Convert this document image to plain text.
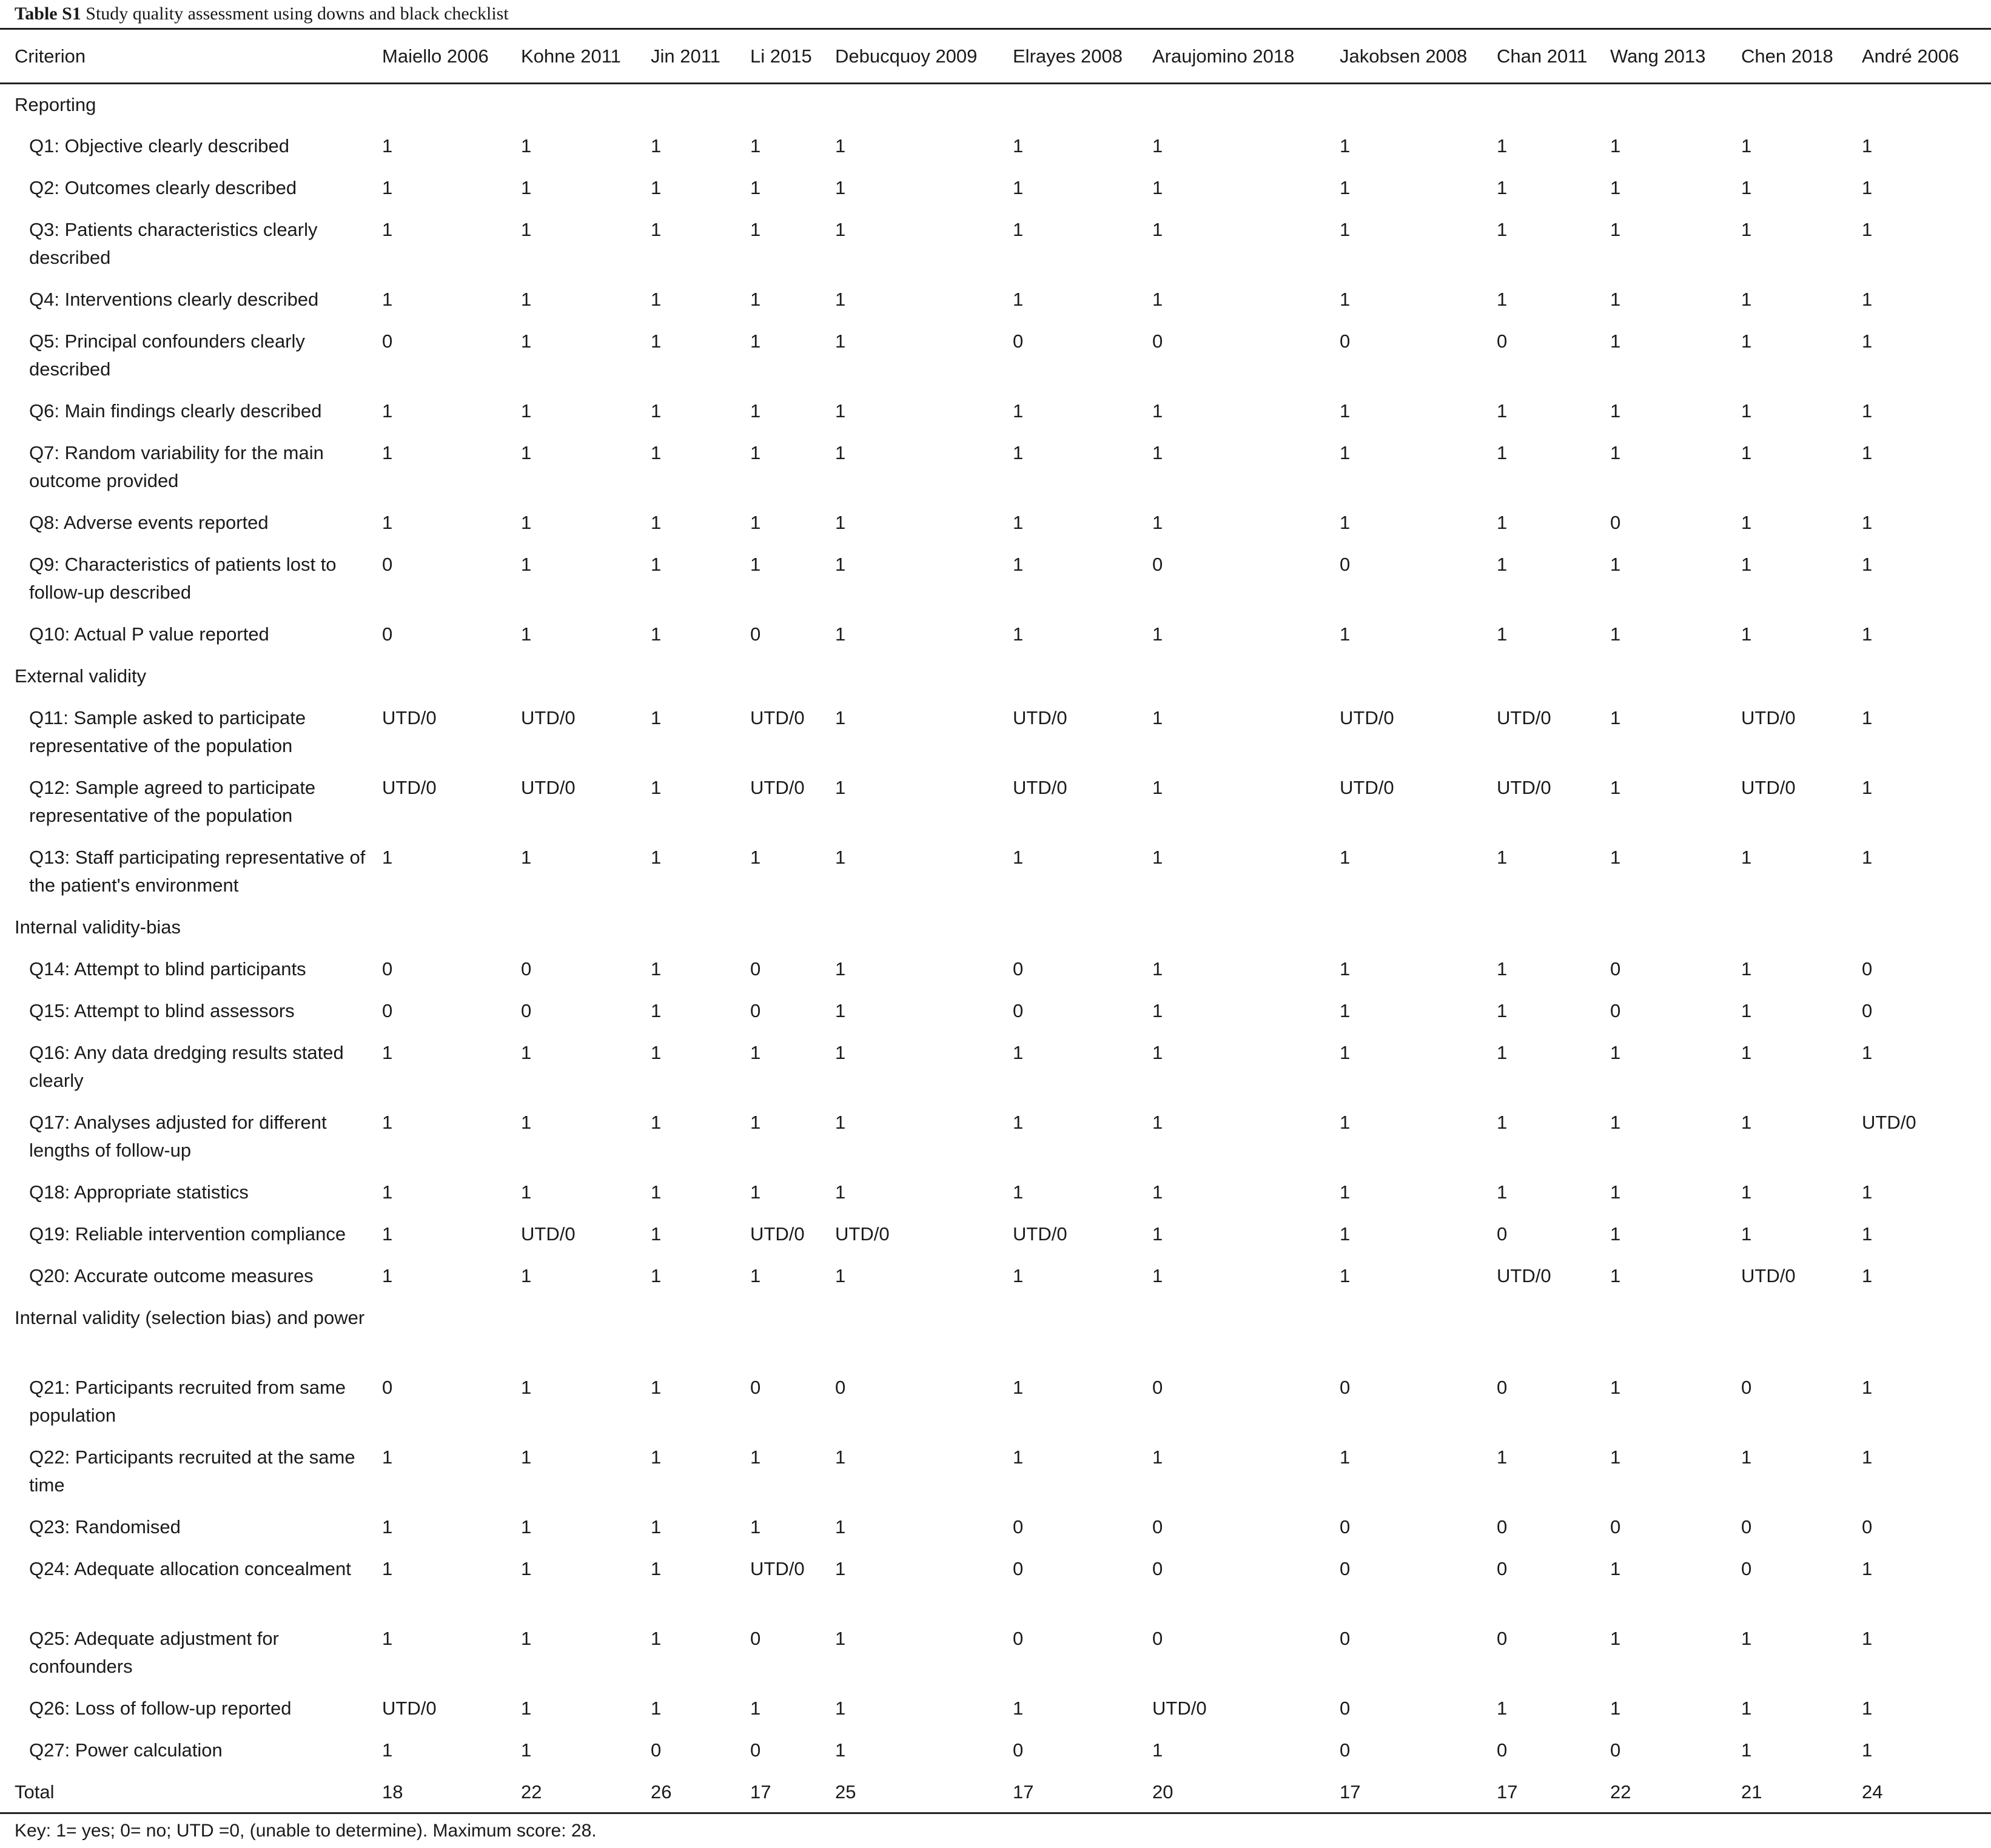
Table S1 Study quality assessment using downs and black checklist
Criterion	Maiello 2006	Kohne 2011	Jin 2011	Li 2015	Debucquoy 2009	Elrayes 2008	Araujomino 2018	Jakobsen 2008	Chan 2011	Wang 2013	Chen 2018	André 2006
Reporting												
Q1: Objective clearly described	1	1	1	1	1	1	1	1	1	1	1	1
Q2: Outcomes clearly described	1	1	1	1	1	1	1	1	1	1	1	1
Q3: Patients characteristics clearly described	1	1	1	1	1	1	1	1	1	1	1	1
Q4: Interventions clearly described	1	1	1	1	1	1	1	1	1	1	1	1
Q5: Principal confounders clearly described	0	1	1	1	1	0	0	0	0	1	1	1
Q6: Main findings clearly described	1	1	1	1	1	1	1	1	1	1	1	1
Q7: Random variability for the main outcome provided	1	1	1	1	1	1	1	1	1	1	1	1
Q8: Adverse events reported	1	1	1	1	1	1	1	1	1	0	1	1
Q9: Characteristics of patients lost to follow-up described	0	1	1	1	1	1	0	0	1	1	1	1
Q10: Actual P value reported	0	1	1	0	1	1	1	1	1	1	1	1
External validity												
Q11: Sample asked to participate representative of the population	UTD/0	UTD/0	1	UTD/0	1	UTD/0	1	UTD/0	UTD/0	1	UTD/0	1
Q12: Sample agreed to participate representative of the population	UTD/0	UTD/0	1	UTD/0	1	UTD/0	1	UTD/0	UTD/0	1	UTD/0	1
Q13: Staff participating representative of the patient's environment	1	1	1	1	1	1	1	1	1	1	1	1
Internal validity-bias												
Q14: Attempt to blind participants	0	0	1	0	1	0	1	1	1	0	1	0
Q15: Attempt to blind assessors	0	0	1	0	1	0	1	1	1	0	1	0
Q16: Any data dredging results stated clearly	1	1	1	1	1	1	1	1	1	1	1	1
Q17: Analyses adjusted for different lengths of follow-up	1	1	1	1	1	1	1	1	1	1	1	UTD/0
Q18: Appropriate statistics	1	1	1	1	1	1	1	1	1	1	1	1
Q19: Reliable intervention compliance	1	UTD/0	1	UTD/0	UTD/0	UTD/0	1	1	0	1	1	1
Q20: Accurate outcome measures	1	1	1	1	1	1	1	1	UTD/0	1	UTD/0	1
Internal validity (selection bias) and power												
Q21: Participants recruited from same population	0	1	1	0	0	1	0	0	0	1	0	1
Q22: Participants recruited at the same time	1	1	1	1	1	1	1	1	1	1	1	1
Q23: Randomised	1	1	1	1	1	0	0	0	0	0	0	0
Q24: Adequate allocation concealment	1	1	1	UTD/0	1	0	0	0	0	1	0	1
Q25: Adequate adjustment for confounders	1	1	1	0	1	0	0	0	0	1	1	1
Q26: Loss of follow-up reported	UTD/0	1	1	1	1	1	UTD/0	0	1	1	1	1
Q27: Power calculation	1	1	0	0	1	0	1	0	0	0	1	1
Total	18	22	26	17	25	17	20	17	17	22	21	24
Key: 1= yes; 0= no; UTD =0, (unable to determine). Maximum score: 28.
